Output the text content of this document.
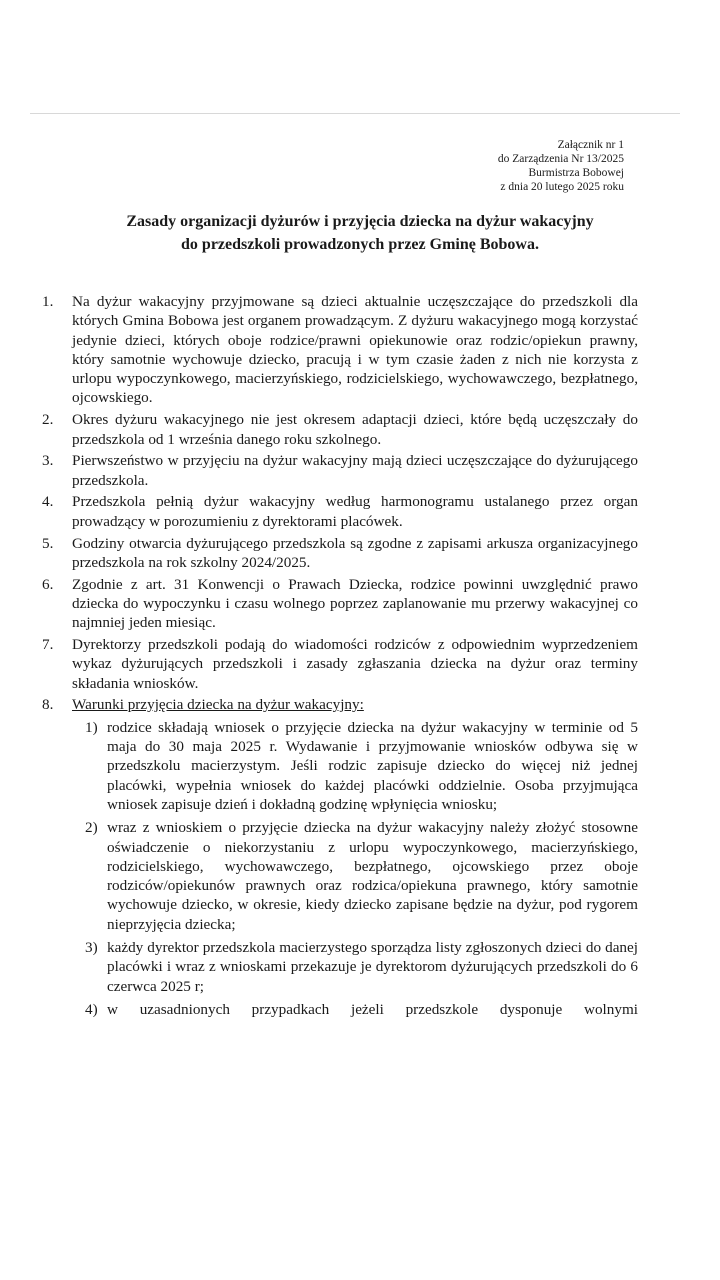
Załącznik nr 1
do Zarządzenia Nr 13/2025
Burmistrza Bobowej
z dnia 20 lutego 2025 roku
Zasady organizacji dyżurów i przyjęcia dziecka na dyżur wakacyjny
do przedszkoli prowadzonych przez Gminę Bobowa.
1.	Na dyżur wakacyjny przyjmowane są dzieci aktualnie uczęszczające do przedszkoli dla których Gmina Bobowa jest organem prowadzącym. Z dyżuru wakacyjnego mogą korzystać jedynie dzieci, których oboje rodzice/prawni opiekunowie oraz rodzic/opiekun prawny, który samotnie wychowuje dziecko, pracują i w tym czasie żaden z nich nie korzysta z urlopu wypoczynkowego, macierzyńskiego, rodzicielskiego, wychowawczego, bezpłatnego, ojcowskiego.
2.	Okres dyżuru wakacyjnego nie jest okresem adaptacji dzieci, które będą uczęszczały do przedszkola od 1 września danego roku szkolnego.
3.	Pierwszeństwo w przyjęciu na dyżur wakacyjny mają dzieci uczęszczające do dyżurującego przedszkola.
4.	Przedszkola pełnią dyżur wakacyjny według harmonogramu ustalanego przez organ prowadzący w porozumieniu z dyrektorami placówek.
5.	Godziny otwarcia dyżurującego przedszkola są zgodne z zapisami arkusza organizacyjnego przedszkola na rok szkolny 2024/2025.
6.	Zgodnie z art. 31 Konwencji o Prawach Dziecka, rodzice powinni uwzględnić prawo dziecka do wypoczynku i czasu wolnego poprzez zaplanowanie mu przerwy wakacyjnej co najmniej jeden miesiąc.
7.	Dyrektorzy przedszkoli podają do wiadomości rodziców z odpowiednim wyprzedzeniem wykaz dyżurujących przedszkoli i zasady zgłaszania dziecka na dyżur oraz terminy składania wniosków.
8.	Warunki przyjęcia dziecka na dyżur wakacyjny:
1) rodzice składają wniosek o przyjęcie dziecka na dyżur wakacyjny w terminie od 5 maja do 30 maja 2025 r. Wydawanie i przyjmowanie wniosków odbywa się w przedszkolu macierzystym. Jeśli rodzic zapisuje dziecko do więcej niż jednej placówki, wypełnia wniosek do każdej placówki oddzielnie. Osoba przyjmująca wniosek zapisuje dzień i dokładną godzinę wpłynięcia wniosku;
2) wraz z wnioskiem o przyjęcie dziecka na dyżur wakacyjny należy złożyć stosowne oświadczenie o niekorzystaniu z urlopu wypoczynkowego, macierzyńskiego, rodzicielskiego, wychowawczego, bezpłatnego, ojcowskiego przez oboje rodziców/opiekunów prawnych oraz rodzica/opiekuna prawnego, który samotnie wychowuje dziecko, w okresie, kiedy dziecko zapisane będzie na dyżur, pod rygorem nieprzyjęcia dziecka;
3) każdy dyrektor przedszkola macierzystego sporządza listy zgłoszonych dzieci do danej placówki i wraz z wnioskami przekazuje je dyrektorom dyżurujących przedszkoli do 6 czerwca 2025 r;
4) w uzasadnionych przypadkach jeżeli przedszkole dysponuje wolnymi
